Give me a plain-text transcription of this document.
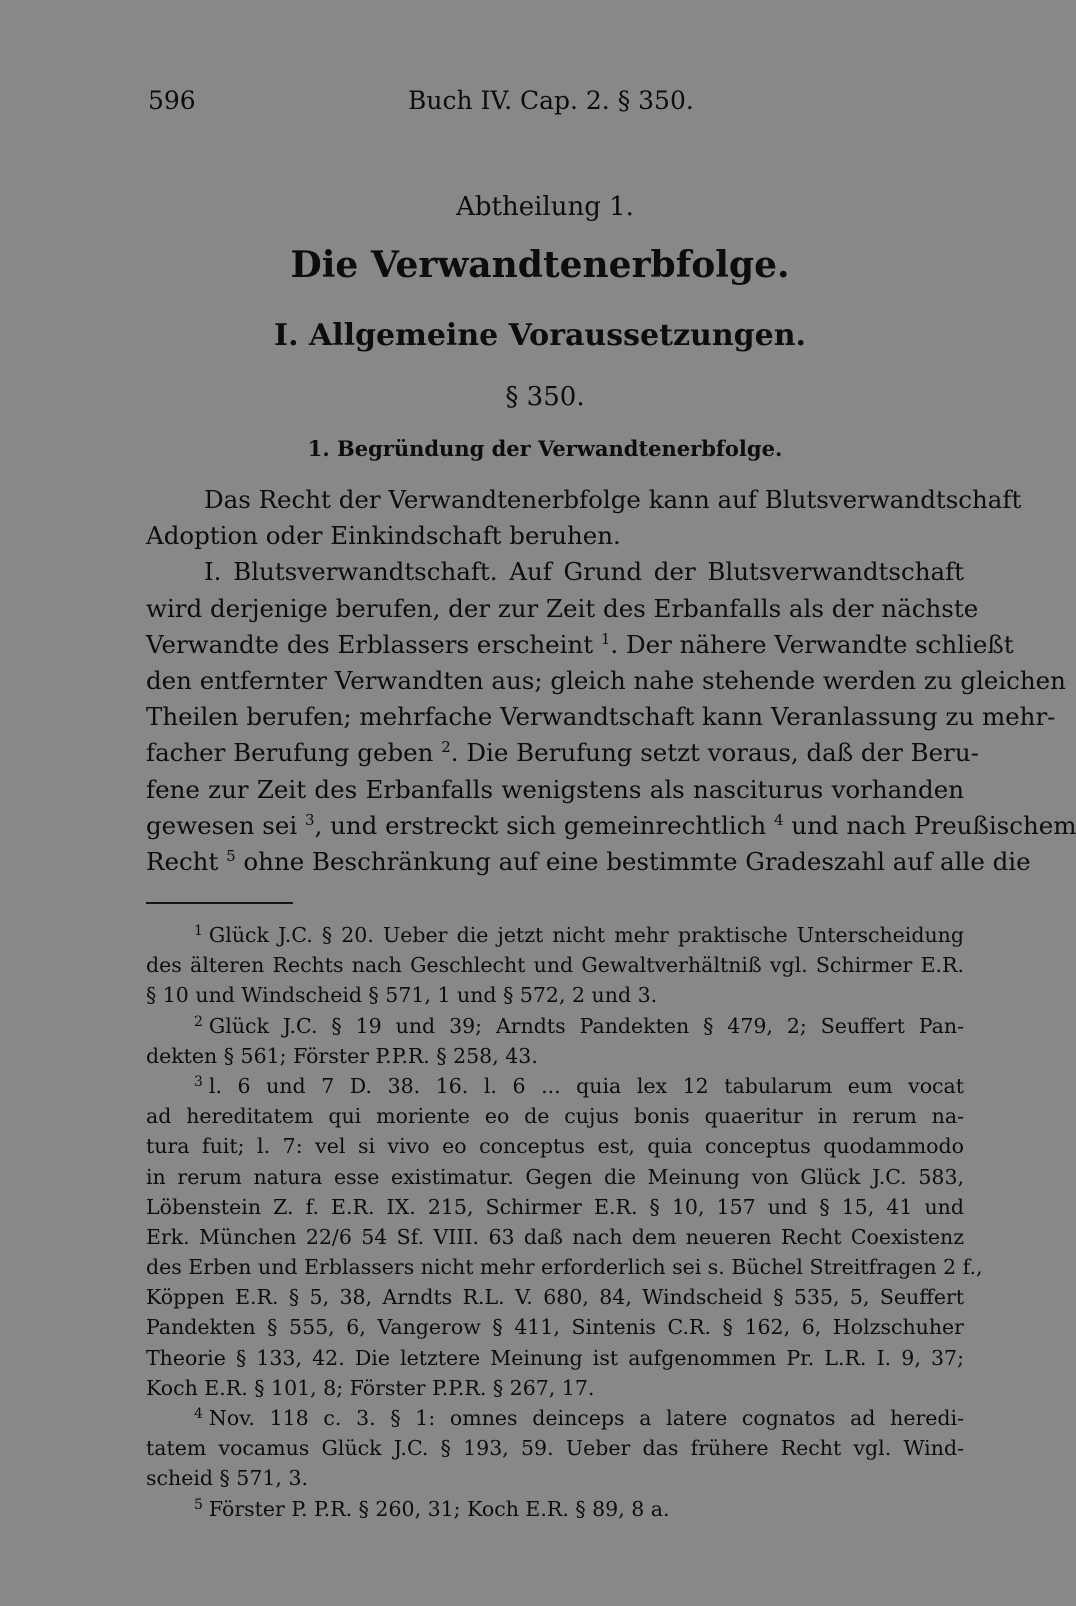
596	Buch IV. Cap. 2. § 350.
Abtheilung 1.
Die Verwandtenerbfolge.
I. Allgemeine Voraussetzungen.
§ 350.
1. Begründung der Verwandtenerbfolge.
Das Recht der Verwandtenerbfolge kann auf Blutsverwandtschaft
Adoption oder Einkindschaft beruhen.
I. Blutsverwandtschaft. Auf Grund der Blutsverwandtschaft
wird derjenige berufen, der zur Zeit des Erbanfalls als der nächste
Verwandte des Erblassers erscheint $^1$. Der nähere Verwandte schließt
den entfernter Verwandten aus; gleich nahe stehende werden zu gleichen
Theilen berufen; mehrfache Verwandtschaft kann Veranlassung zu mehr-
facher Berufung geben $^2$. Die Berufung setzt voraus, daß der Beru-
fene zur Zeit des Erbanfalls wenigstens als nasciturus vorhanden
gewesen sei $^3$, und erstreckt sich gemeinrechtlich $^4$ und nach Preußischem
Recht $^5$ ohne Beschränkung auf eine bestimmte Gradeszahl auf alle die
$^1$ Glück J.C. § 20. Ueber die jetzt nicht mehr praktische Unterscheidung
des älteren Rechts nach Geschlecht und Gewaltverhältniß vgl. Schirmer E.R.
§ 10 und Windscheid § 571, 1 und § 572, 2 und 3.
$^2$ Glück J.C. § 19 und 39; Arndts Pandekten § 479, 2; Seuffert Pan-
dekten § 561; Förster P.P.R. § 258, 43.
$^3$ l. 6 und 7 D. 38. 16. l. 6 ... quia lex 12 tabularum eum vocat
ad hereditatem qui moriente eo de cujus bonis quaeritur in rerum na-
tura fuit; l. 7: vel si vivo eo conceptus est, quia conceptus quodammodo
in rerum natura esse existimatur. Gegen die Meinung von Glück J.C. 583,
Löbenstein Z. f. E.R. IX. 215, Schirmer E.R. § 10, 157 und § 15, 41 und
Erk. München 22/6 54 Sf. VIII. 63 daß nach dem neueren Recht Coexistenz
des Erben und Erblassers nicht mehr erforderlich sei s. Büchel Streitfragen 2 f.,
Köppen E.R. § 5, 38, Arndts R.L. V. 680, 84, Windscheid § 535, 5, Seuffert
Pandekten § 555, 6, Vangerow § 411, Sintenis C.R. § 162, 6, Holzschuher
Theorie § 133, 42. Die letztere Meinung ist aufgenommen Pr. L.R. I. 9, 37;
Koch E.R. § 101, 8; Förster P.P.R. § 267, 17.
$^4$ Nov. 118 c. 3. § 1: omnes deinceps a latere cognatos ad heredi-
tatem vocamus Glück J.C. § 193, 59. Ueber das frühere Recht vgl. Wind-
scheid § 571, 3.
$^5$ Förster P. P.R. § 260, 31; Koch E.R. § 89, 8 a.
